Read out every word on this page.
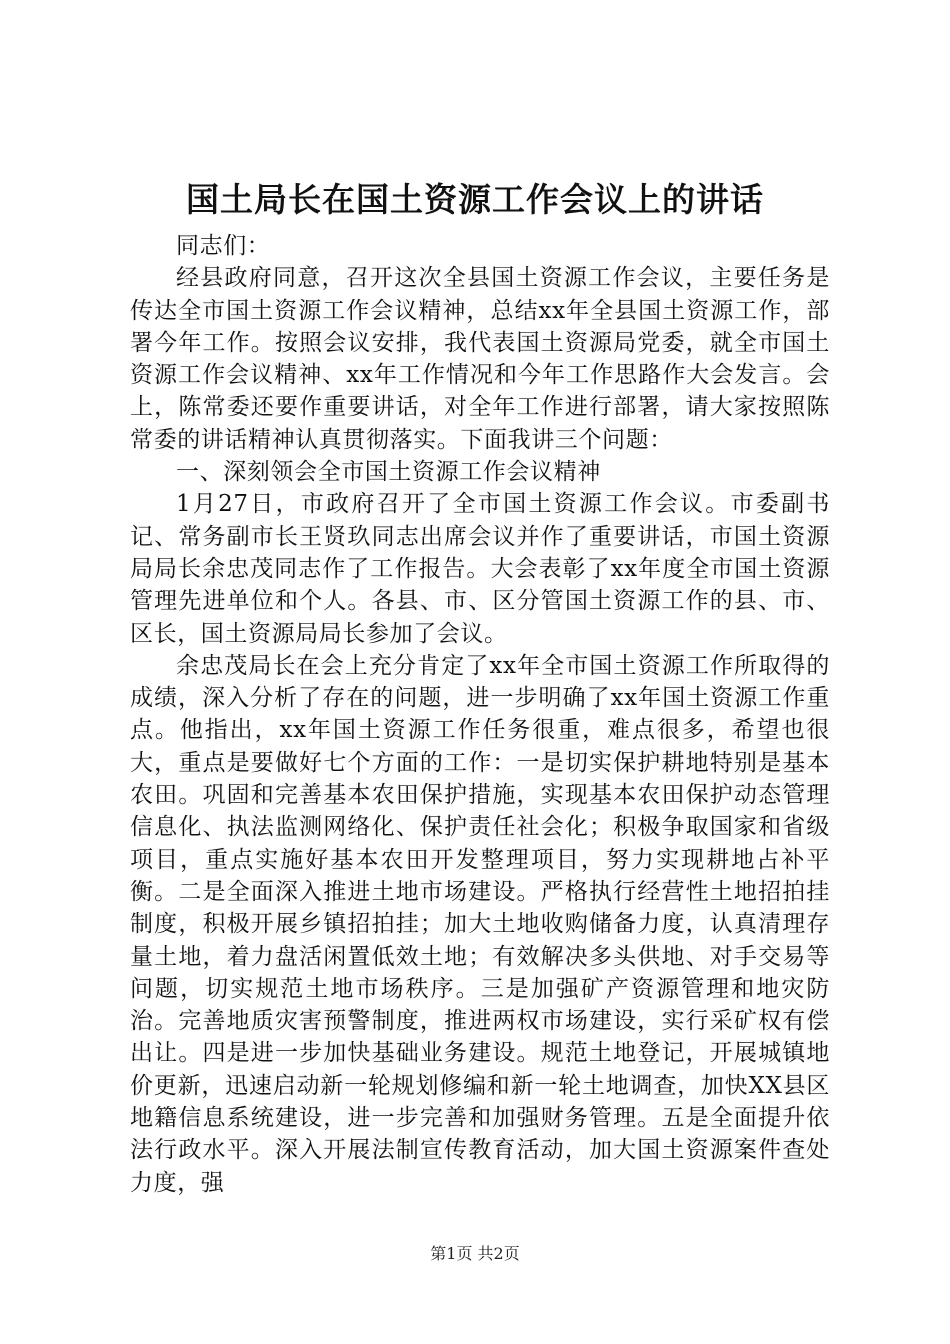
国土局长在国土资源工作会议上的讲话

同志们：

经县政府同意，召开这次全县国土资源工作会议，主要任务是传达全市国土资源工作会议精神，总结xx年全县国土资源工作，部署今年工作。按照会议安排，我代表国土资源局党委，就全市国土资源工作会议精神、xx年工作情况和今年工作思路作大会发言。会上，陈常委还要作重要讲话，对全年工作进行部署，请大家按照陈常委的讲话精神认真贯彻落实。下面我讲三个问题：

一、深刻领会全市国土资源工作会议精神

1月27日，市政府召开了全市国土资源工作会议。市委副书记、常务副市长王贤玖同志出席会议并作了重要讲话，市国土资源局局长余忠茂同志作了工作报告。大会表彰了xx年度全市国土资源管理先进单位和个人。各县、市、区分管国土资源工作的县、市、区长，国土资源局局长参加了会议。

余忠茂局长在会上充分肯定了xx年全市国土资源工作所取得的成绩，深入分析了存在的问题，进一步明确了xx年国土资源工作重点。他指出，xx年国土资源工作任务很重，难点很多，希望也很大，重点是要做好七个方面的工作：一是切实保护耕地特别是基本农田。巩固和完善基本农田保护措施，实现基本农田保护动态管理信息化、执法监测网络化、保护责任社会化；积极争取国家和省级项目，重点实施好基本农田开发整理项目，努力实现耕地占补平衡。二是全面深入推进土地市场建设。严格执行经营性土地招拍挂制度，积极开展乡镇招拍挂；加大土地收购储备力度，认真清理存量土地，着力盘活闲置低效土地；有效解决多头供地、对手交易等问题，切实规范土地市场秩序。三是加强矿产资源管理和地灾防治。完善地质灾害预警制度，推进两权市场建设，实行采矿权有偿出让。四是进一步加快基础业务建设。规范土地登记，开展城镇地价更新，迅速启动新一轮规划修编和新一轮土地调查，加快XX县区地籍信息系统建设，进一步完善和加强财务管理。五是全面提升依法行政水平。深入开展法制宣传教育活动，加大国土资源案件查处力度，强

第1页 共2页
